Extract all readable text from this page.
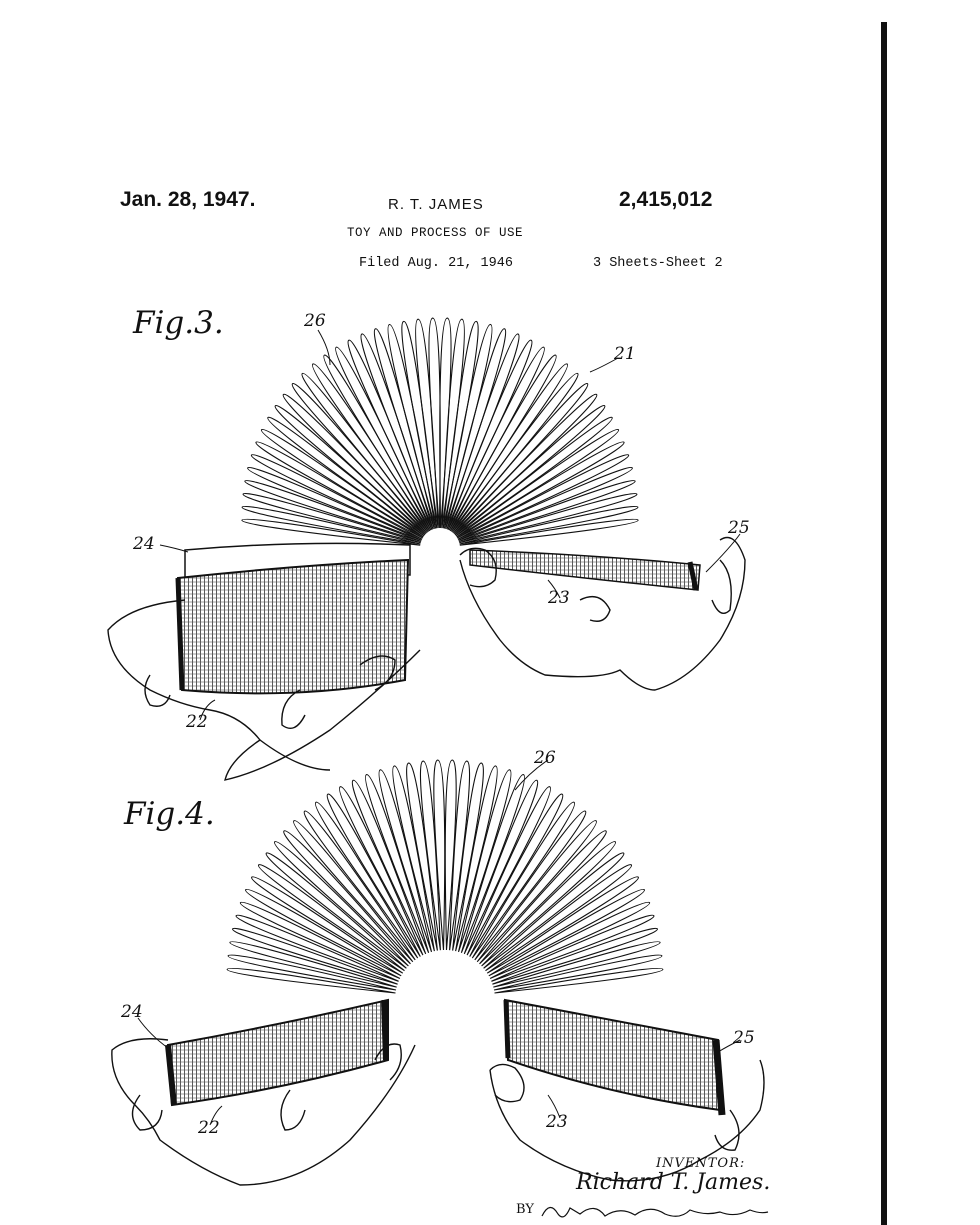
Jan. 28, 1947.	R. T. JAMES	2,415,012
TOY AND PROCESS OF USE
Filed Aug. 21, 1946	3 Sheets-Sheet 2
Fig.3.
Fig.4.
26
21
24
25
23
22
26
24
25
22	23
INVENTOR:
Richard T. James.
BY
